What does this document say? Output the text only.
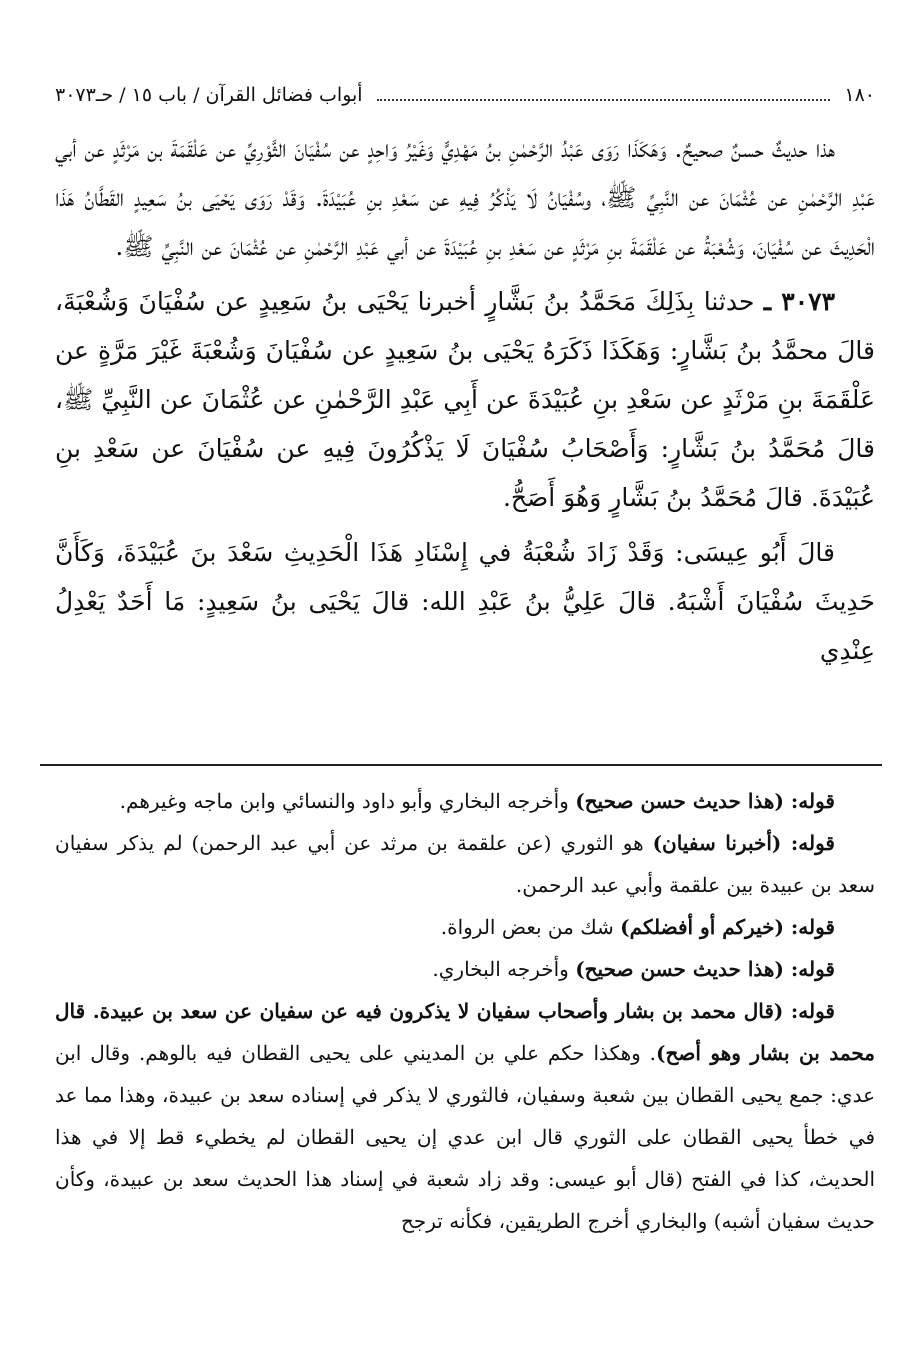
١٨٠
أبواب فضائل القرآن / باب ١٥ / حـ٣٠٧٣

هذا حديثٌ حسنٌ صحيحٌ. وَهَكَذَا رَوَى عَبْدُ الرَّحْمٰنِ بنُ مَهْدِيٍّ وَغَيْرُ وَاحِدٍ عن سُفْيَانَ الثَّوْرِيِّ عن عَلْقَمَةَ بن مَرْثَدٍ عن أبي عَبْدِ الرَّحْمٰنِ عن عُثْمَانَ عن النَّبِيِّ ﷺ، وسُفْيَانُ لَا يَذْكُرُ فِيهِ عن سَعْدِ بنِ عُبَيْدَةَ. وَقَدْ رَوَى يَحْيَى بنُ سَعِيدٍ القَطَّانُ هَذَا الْحَدِيثَ عن سُفْيَانَ، وَشُعْبَةُ عن عَلْقَمَةَ بنِ مَرْثَدٍ عن سَعْدِ بنِ عُبَيْدَةَ عن أبي عَبْدِ الرَّحْمٰنِ عن عُثْمَانَ عن النَّبِيِّ ﷺ.

٣٠٧٣ ـ حدثنا بِذَلِكَ مَحَمَّدُ بنُ بَشَّارٍ أخبرنا يَحْيَى بنُ سَعِيدٍ عن سُفْيَانَ وَشُعْبَةَ، قالَ محمَّدُ بنُ بَشَّارٍ: وَهَكَذَا ذَكَرَهُ يَحْيَى بنُ سَعِيدٍ عن سُفْيَانَ وَشُعْبَةَ غَيْرَ مَرَّةٍ عن عَلْقَمَةَ بنِ مَرْثَدٍ عن سَعْدِ بنِ عُبَيْدَةَ عن أَبِي عَبْدِ الرَّحْمٰنِ عن عُثْمَانَ عن النَّبِيِّ ﷺ، قالَ مُحَمَّدُ بنُ بَشَّارٍ: وَأَصْحَابُ سُفْيَانَ لَا يَذْكُرُونَ فِيهِ عن سُفْيَانَ عن سَعْدِ بنِ عُبَيْدَةَ. قالَ مُحَمَّدُ بنُ بَشَّارٍ وَهُوَ أَصَحُّ.

قالَ أَبُو عِيسَى: وَقَدْ زَادَ شُعْبَةُ في إِسْنَادِ هَذَا الْحَدِيثِ سَعْدَ بنَ عُبَيْدَةَ، وَكَأَنَّ حَدِيثَ سُفْيَانَ أَشْبَهُ. قالَ عَلِيُّ بنُ عَبْدِ الله: قالَ يَحْيَى بنُ سَعِيدٍ: مَا أَحَدٌ يَعْدِلُ عِنْدِي

قوله: (هذا حديث حسن صحيح) وأخرجه البخاري وأبو داود والنسائي وابن ماجه وغيرهم.

قوله: (أخبرنا سفيان) هو الثوري (عن علقمة بن مرثد عن أبي عبد الرحمن) لم يذكر سفيان سعد بن عبيدة بين علقمة وأبي عبد الرحمن.

قوله: (خيركم أو أفضلكم) شك من بعض الرواة.

قوله: (هذا حديث حسن صحيح) وأخرجه البخاري.

قوله: (قال محمد بن بشار وأصحاب سفيان لا يذكرون فيه عن سفيان عن سعد بن عبيدة. قال محمد بن بشار وهو أصح). وهكذا حكم علي بن المديني على يحيى القطان فيه بالوهم. وقال ابن عدي: جمع يحيى القطان بين شعبة وسفيان، فالثوري لا يذكر في إسناده سعد بن عبيدة، وهذا مما عد في خطأ يحيى القطان على الثوري قال ابن عدي إن يحيى القطان لم يخطيء قط إلا في هذا الحديث، كذا في الفتح (قال أبو عيسى: وقد زاد شعبة في إسناد هذا الحديث سعد بن عبيدة، وكأن حديث سفيان أشبه) والبخاري أخرج الطريقين، فكأنه ترجح
